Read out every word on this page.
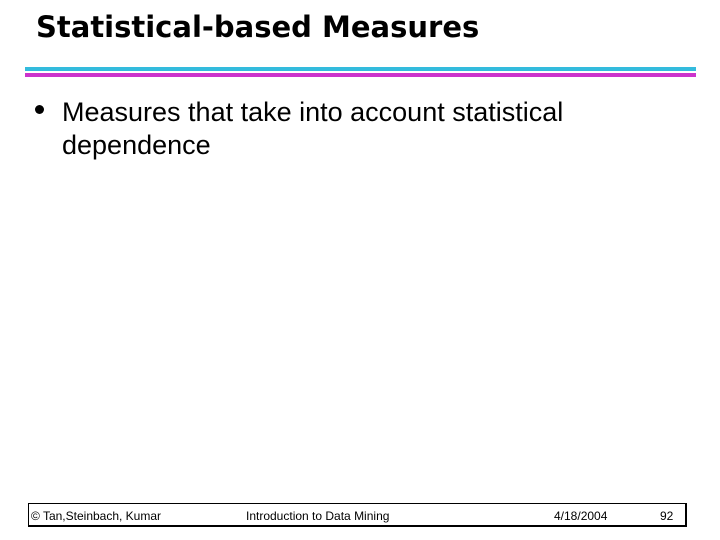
Statistical-based Measures
Measures that take into account statistical dependence
© Tan,Steinbach, Kumar	Introduction to Data Mining	4/18/2004	92
